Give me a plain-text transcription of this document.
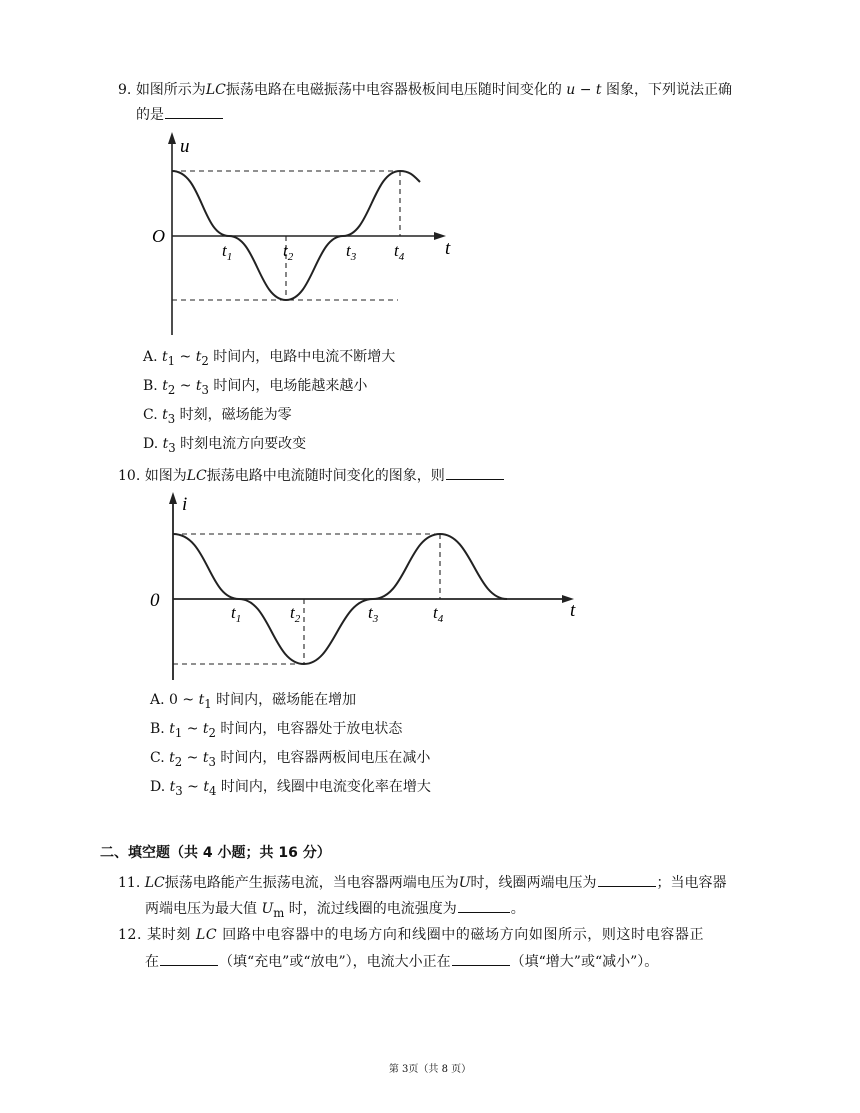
9. 如图所示为LC振荡电路在电磁振荡中电容器极板间电压随时间变化的 u − t 图象，下列说法正确
的是
u
t
O
$t_1$	$t_2$	$t_3$ $t_4$
A. $t_1$ ~ $t_2$ 时间内，电路中电流不断增大
B. $t_2$ ~ $t_3$ 时间内，电场能越来越小
C. $t_3$ 时刻，磁场能为零
D. $t_3$ 时刻电流方向要改变
10. 如图为LC振荡电路中电流随时间变化的图象，则
i
t
0
$t_1$	$t_2$	$t_3$	$t_4$
A. 0 ~ $t_1$ 时间内，磁场能在增加
B. $t_1$ ~ $t_2$ 时间内，电容器处于放电状态
C. $t_2$ ~ $t_3$ 时间内，电容器两板间电压在减小
D. $t_3$ ~ $t_4$ 时间内，线圈中电流变化率在增大
二、填空题（共 4 小题；共 16 分）
11. LC振荡电路能产生振荡电流，当电容器两端电压为U时，线圈两端电压为	；当电容器
两端电压为最大值 $U_m$ 时，流过线圈的电流强度为	。
12. 某时刻 LC 回路中电容器中的电场方向和线圈中的磁场方向如图所示，则这时电容器正
在	（填“充电”或“放电”），电流大小正在	（填“增大”或“减小”）。
第 3页（共 8 页）
